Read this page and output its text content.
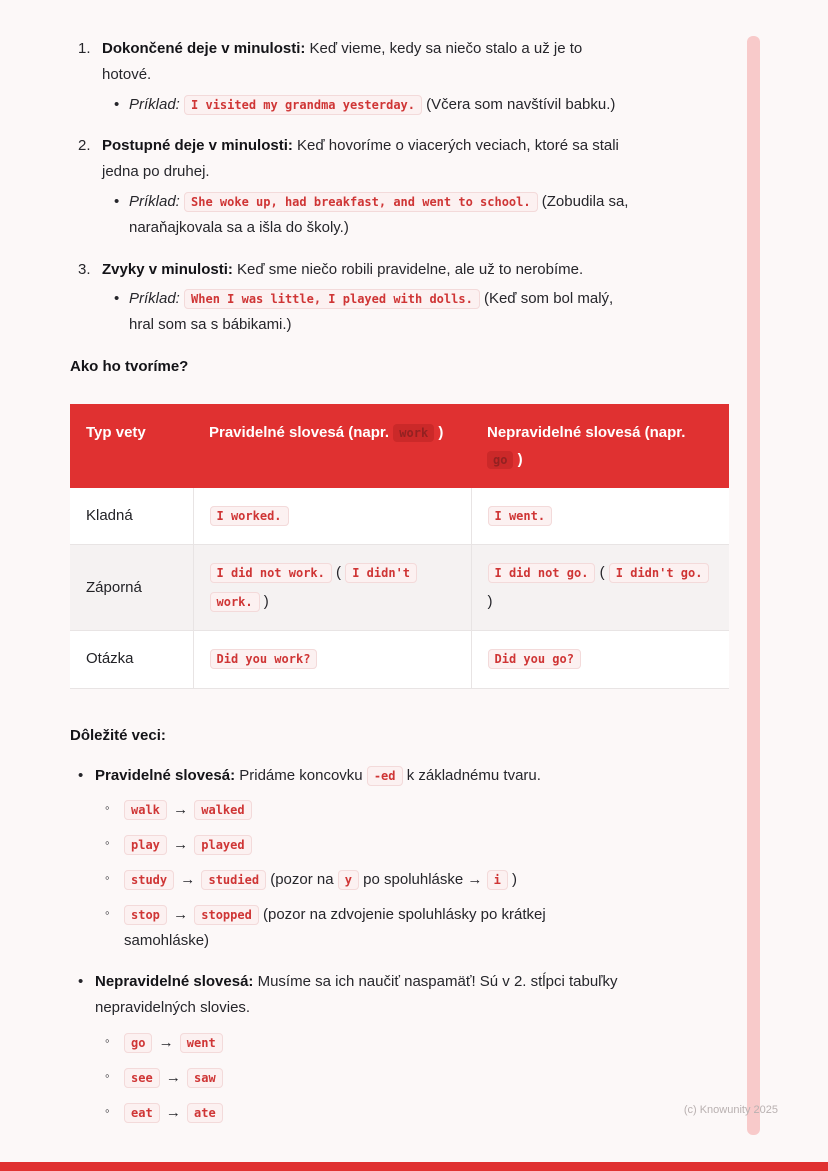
1. Dokončené deje v minulosti: Keď vieme, kedy sa niečo stalo a už je to hotové.
• Príklad: I visited my grandma yesterday. (Včera som navštívil babku.)
2. Postupné deje v minulosti: Keď hovoríme o viacerých veciach, ktoré sa stali jedna po druhej.
• Príklad: She woke up, had breakfast, and went to school. (Zobudila sa, naraňajkovala sa a išla do školy.)
3. Zvyky v minulosti: Keď sme niečo robili pravidelne, ale už to nerobíme.
• Príklad: When I was little, I played with dolls. (Keď som bol malý, hral som sa s bábikami.)
Ako ho tvoríme?
Typ vety	Pravidelné slovesá (napr. work )	Nepravidelné slovesá (napr. go )
Kladná	I worked.	I went.
Záporná	I did not work. ( I didn't work. )	I did not go. ( I didn't go. )
Otázka	Did you work?	Did you go?
Dôležité veci:
• Pravidelné slovesá: Pridáme koncovku -ed k základnému tvaru.
◦	walk → walked
◦	play → played
◦	study → studied (pozor na y po spoluhláske → i )
◦	stop → stopped (pozor na zdvojenie spoluhlásky po krátkej samohláske)
• Nepravidelné slovesá: Musíme sa ich naučiť naspamäť! Sú v 2. stĺpci tabuľky nepravidelných slovies.
◦	go → went
◦	see → saw
◦	eat → ate	(c) Knowunity 2025
